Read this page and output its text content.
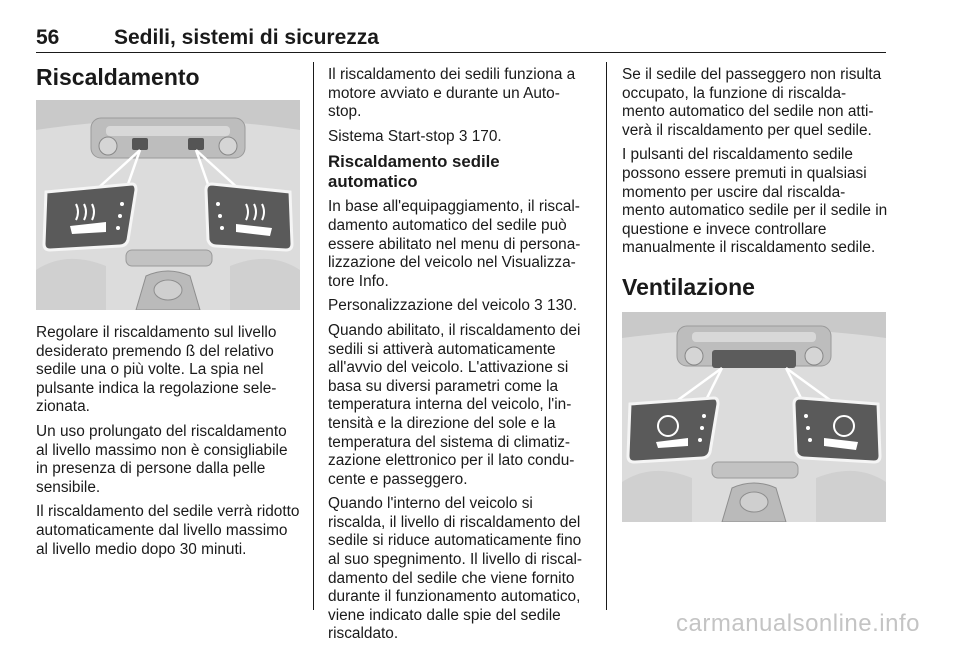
56	Sedili, sistemi di sicurezza
Riscaldamento

Regolare il riscaldamento sul livello desiderato premendo ß del relativo sedile una o più volte. La spia nel pulsante indica la regolazione sele-zionata.

Un uso prolungato del riscaldamento al livello massimo non è consigliabile in presenza di persone dalla pelle sensibile.

Il riscaldamento del sedile verrà ridotto automaticamente dal livello massimo al livello medio dopo 30 minuti.

Il riscaldamento dei sedili funziona a motore avviato e durante un Auto-stop.

Sistema Start-stop 3 170.

Riscaldamento sedile automatico

In base all'equipaggiamento, il riscal-damento automatico del sedile può essere abilitato nel menu di persona-lizzazione del veicolo nel Visualizza-tore Info.

Personalizzazione del veicolo 3 130.

Quando abilitato, il riscaldamento dei sedili si attiverà automaticamente all'avvio del veicolo. L'attivazione si basa su diversi parametri come la temperatura interna del veicolo, l'in-tensità e la direzione del sole e la temperatura del sistema di climatiz-zazione elettronico per il lato condu-cente e passeggero.

Quando l'interno del veicolo si riscalda, il livello di riscaldamento del sedile si riduce automaticamente fino al suo spegnimento. Il livello di riscal-damento del sedile che viene fornito durante il funzionamento automatico, viene indicato dalle spie del sedile riscaldato.

Se il sedile del passeggero non risulta occupato, la funzione di riscalda-mento automatico del sedile non atti-verà il riscaldamento per quel sedile.

I pulsanti del riscaldamento sedile possono essere premuti in qualsiasi momento per uscire dal riscalda-mento automatico sedile per il sedile in questione e invece controllare manualmente il riscaldamento sedile.

Ventilazione
carmanualsonline.info
